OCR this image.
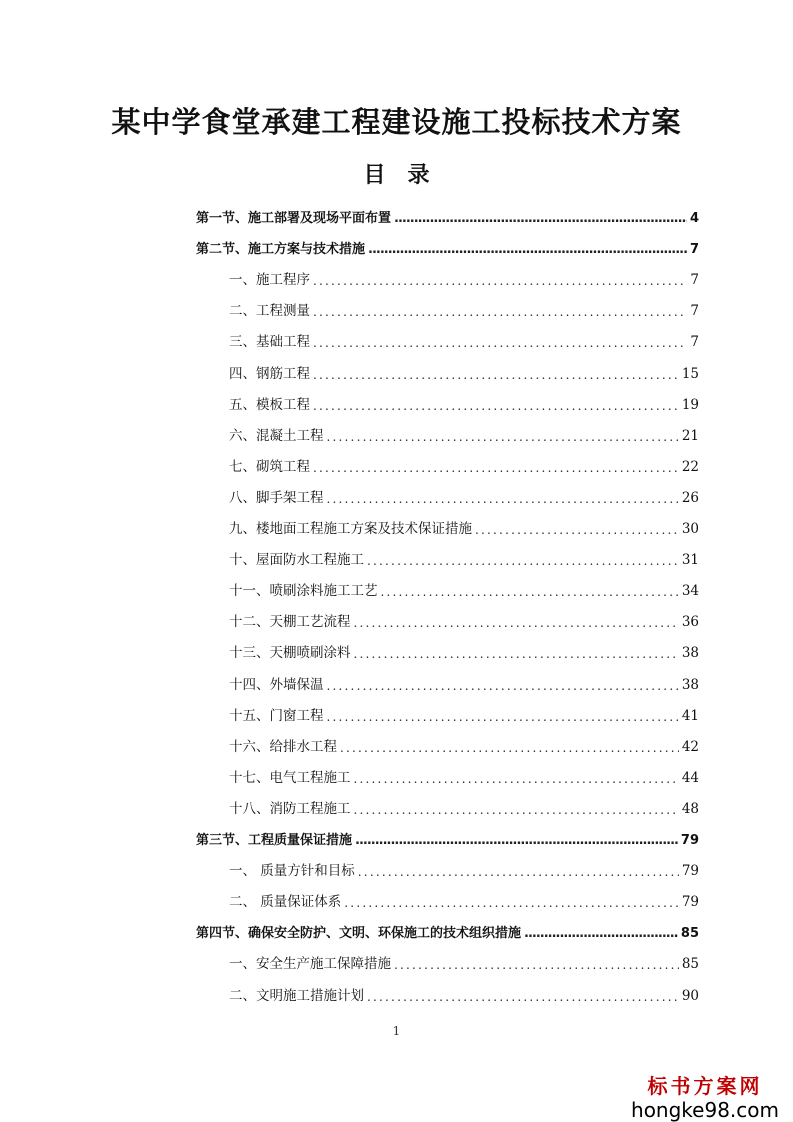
某中学食堂承建工程建设施工投标技术方案
目 录
第一节、施工部署及现场平面布置 .....	4
第二节、施工方案与技术措施 .....	7
一、施工程序 .....	7
二、工程测量 .....	7
三、基础工程 .....	7
四、钢筋工程 .....	15
五、模板工程 .....	19
六、混凝土工程 .....	21
七、砌筑工程 .....	22
八、脚手架工程 .....	26
九、楼地面工程施工方案及技术保证措施 .....	30
十、屋面防水工程施工 .....	31
十一、喷刷涂料施工工艺 .....	34
十二、天棚工艺流程 .....	36
十三、天棚喷刷涂料 .....	38
十四、外墙保温 .....	38
十五、门窗工程 .....	41
十六、给排水工程 .....	42
十七、电气工程施工 .....	44
十八、消防工程施工 .....	48
第三节、工程质量保证措施 .....	79
一、 质量方针和目标 .....	79
二、 质量保证体系 .....	79
第四节、确保安全防护、文明、环保施工的技术组织措施 .....	85
一、安全生产施工保障措施 .....	85
二、文明施工措施计划 .....	90
1
标书方案网
hongke98.com
